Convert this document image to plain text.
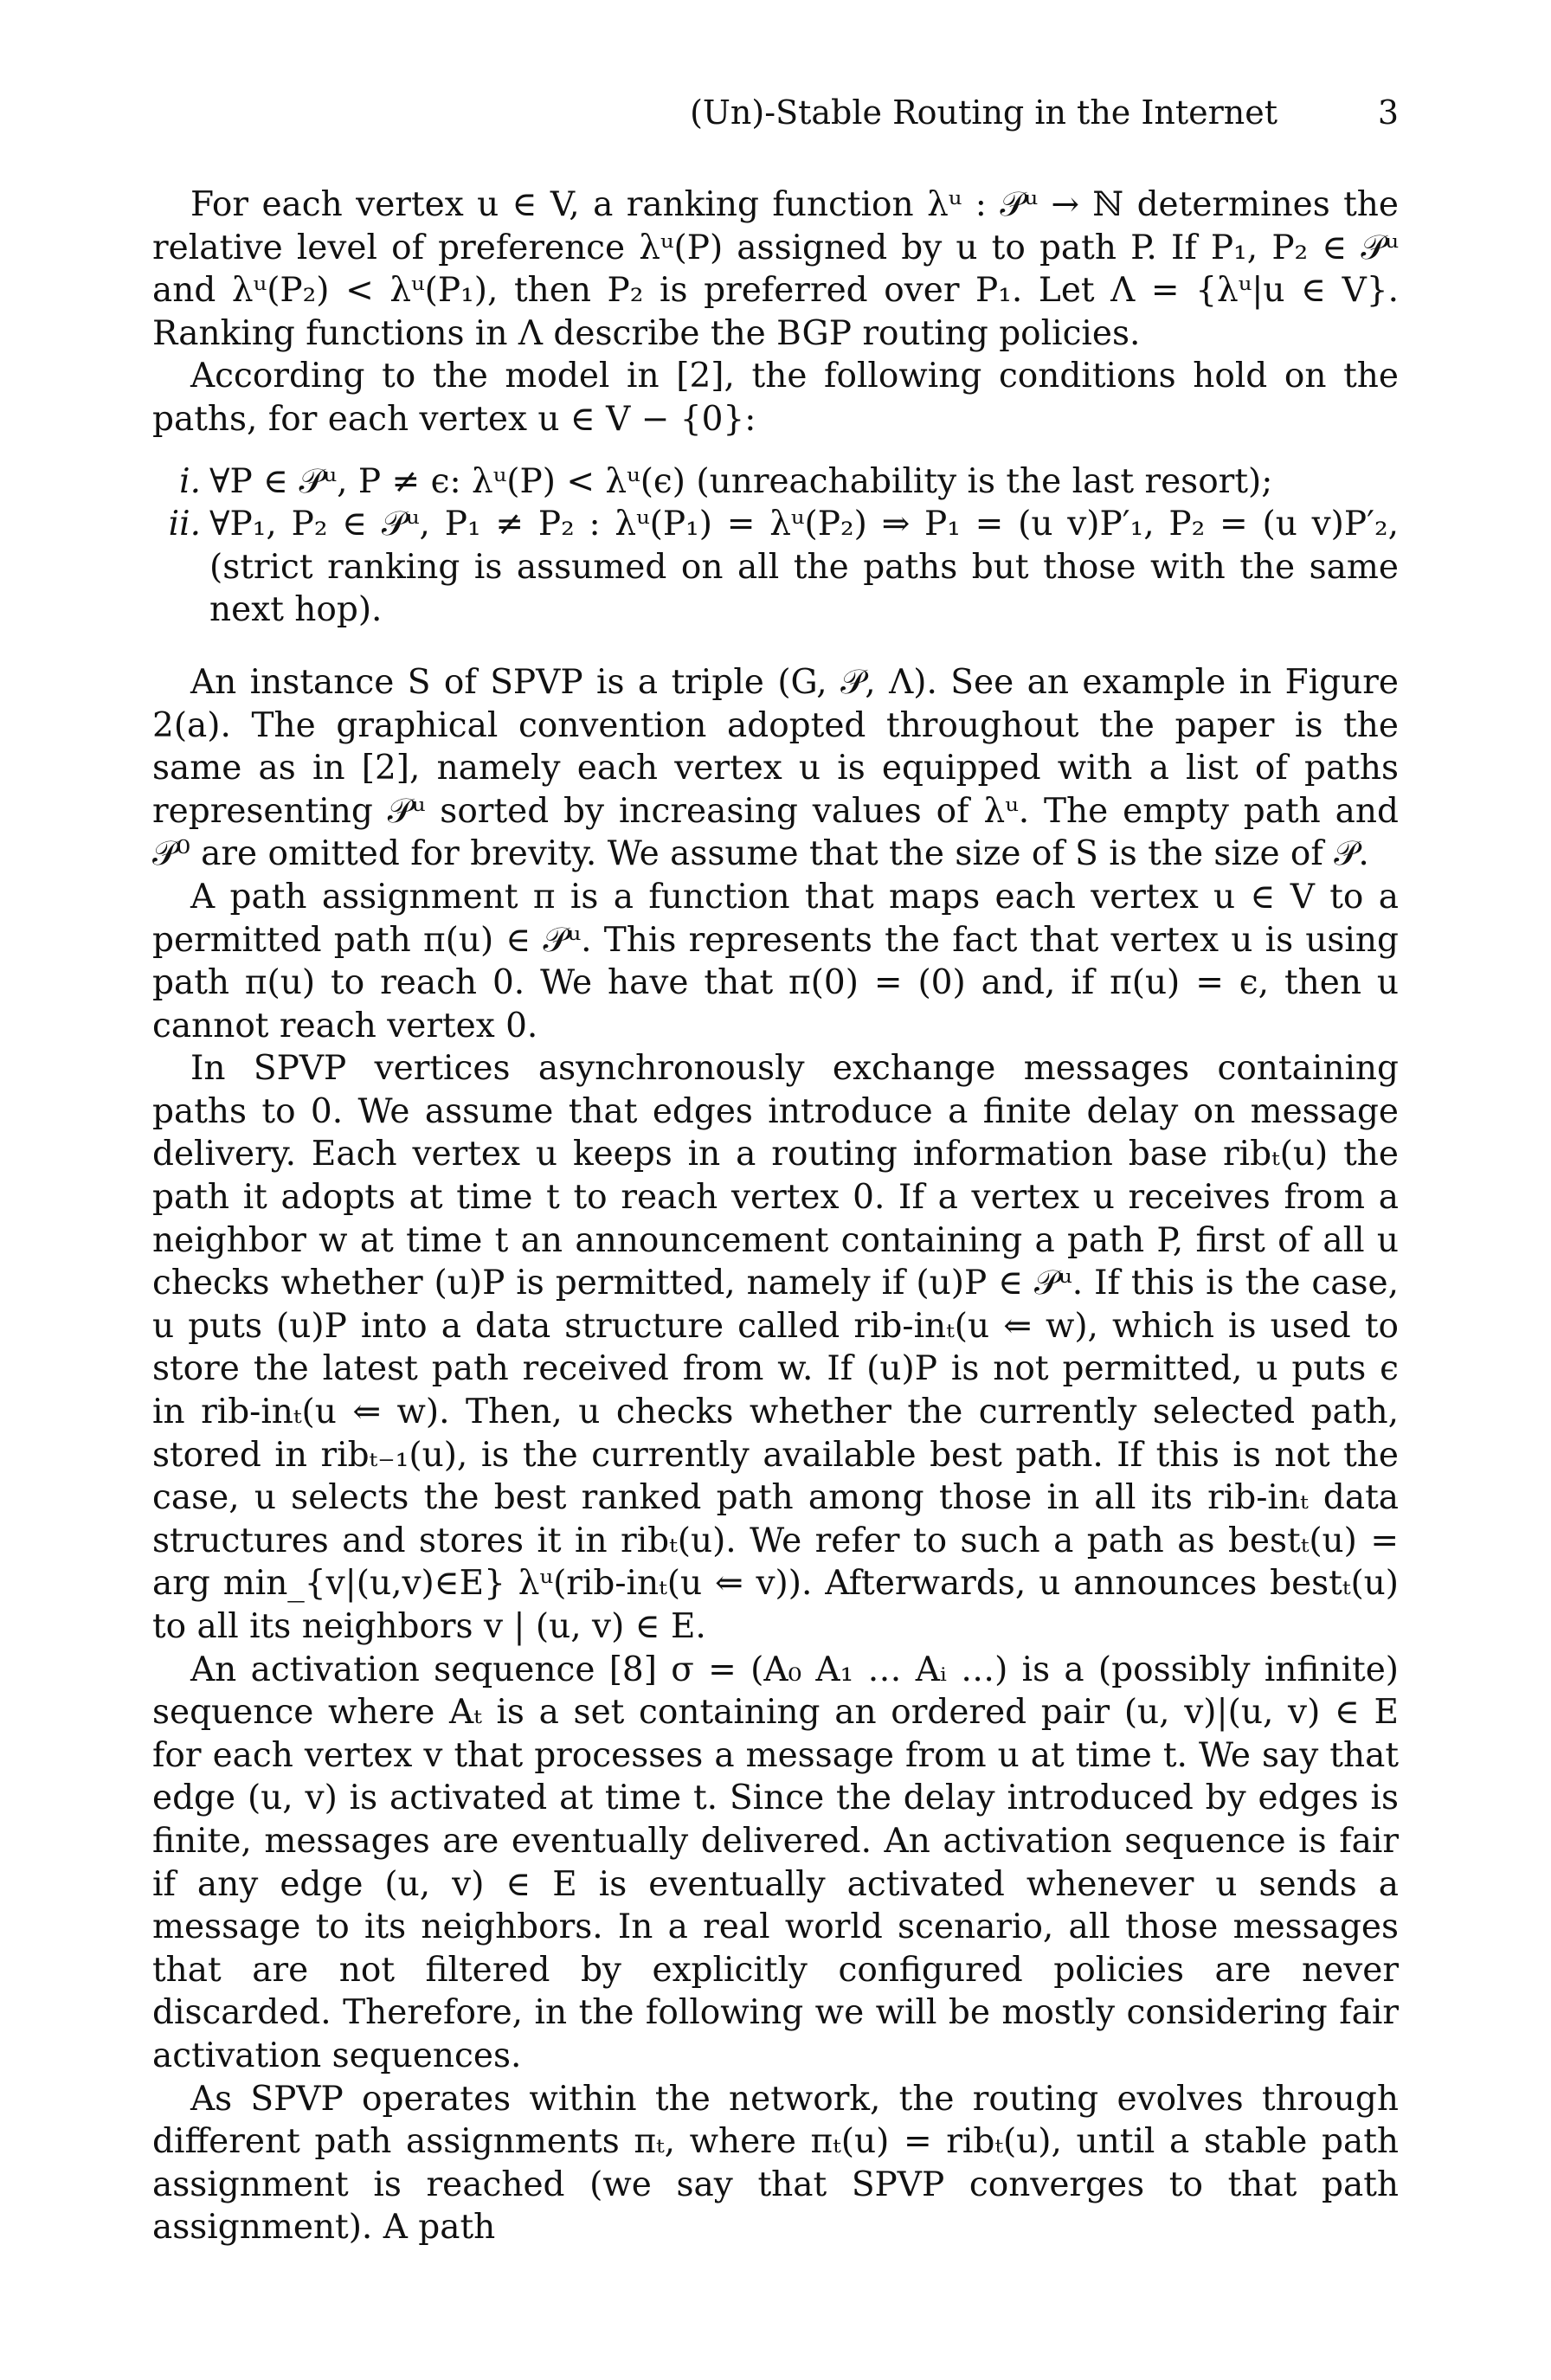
(Un)-Stable Routing in the Internet	3

For each vertex u ∈ V, a ranking function λᵘ : 𝒫ᵘ → ℕ determines the relative level of preference λᵘ(P) assigned by u to path P. If P₁, P₂ ∈ 𝒫ᵘ and λᵘ(P₂) < λᵘ(P₁), then P₂ is preferred over P₁. Let Λ = {λᵘ|u ∈ V}. Ranking functions in Λ describe the BGP routing policies.

According to the model in [2], the following conditions hold on the paths, for each vertex u ∈ V − {0}:

i. ∀P ∈ 𝒫ᵘ, P ≠ ϵ: λᵘ(P) < λᵘ(ϵ) (unreachability is the last resort);
ii. ∀P₁, P₂ ∈ 𝒫ᵘ, P₁ ≠ P₂ : λᵘ(P₁) = λᵘ(P₂) ⇒ P₁ = (u v)P′₁, P₂ = (u v)P′₂, (strict ranking is assumed on all the paths but those with the same next hop).

An instance S of SPVP is a triple (G, 𝒫, Λ). See an example in Figure 2(a). The graphical convention adopted throughout the paper is the same as in [2], namely each vertex u is equipped with a list of paths representing 𝒫ᵘ sorted by increasing values of λᵘ. The empty path and 𝒫⁰ are omitted for brevity. We assume that the size of S is the size of 𝒫.

A path assignment π is a function that maps each vertex u ∈ V to a permitted path π(u) ∈ 𝒫ᵘ. This represents the fact that vertex u is using path π(u) to reach 0. We have that π(0) = (0) and, if π(u) = ϵ, then u cannot reach vertex 0.

In SPVP vertices asynchronously exchange messages containing paths to 0. We assume that edges introduce a finite delay on message delivery. Each vertex u keeps in a routing information base ribₜ(u) the path it adopts at time t to reach vertex 0. If a vertex u receives from a neighbor w at time t an announcement containing a path P, first of all u checks whether (u)P is permitted, namely if (u)P ∈ 𝒫ᵘ. If this is the case, u puts (u)P into a data structure called rib-inₜ(u ⇐ w), which is used to store the latest path received from w. If (u)P is not permitted, u puts ϵ in rib-inₜ(u ⇐ w). Then, u checks whether the currently selected path, stored in ribₜ₋₁(u), is the currently available best path. If this is not the case, u selects the best ranked path among those in all its rib-inₜ data structures and stores it in ribₜ(u). We refer to such a path as bestₜ(u) = arg min_{v|(u,v)∈E} λᵘ(rib-inₜ(u ⇐ v)). Afterwards, u announces bestₜ(u) to all its neighbors v | (u, v) ∈ E.

An activation sequence [8] σ = (A₀ A₁ … Aᵢ …) is a (possibly infinite) sequence where Aₜ is a set containing an ordered pair (u, v)|(u, v) ∈ E for each vertex v that processes a message from u at time t. We say that edge (u, v) is activated at time t. Since the delay introduced by edges is finite, messages are eventually delivered. An activation sequence is fair if any edge (u, v) ∈ E is eventually activated whenever u sends a message to its neighbors. In a real world scenario, all those messages that are not filtered by explicitly configured policies are never discarded. Therefore, in the following we will be mostly considering fair activation sequences.

As SPVP operates within the network, the routing evolves through different path assignments πₜ, where πₜ(u) = ribₜ(u), until a stable path assignment is reached (we say that SPVP converges to that path assignment). A path
